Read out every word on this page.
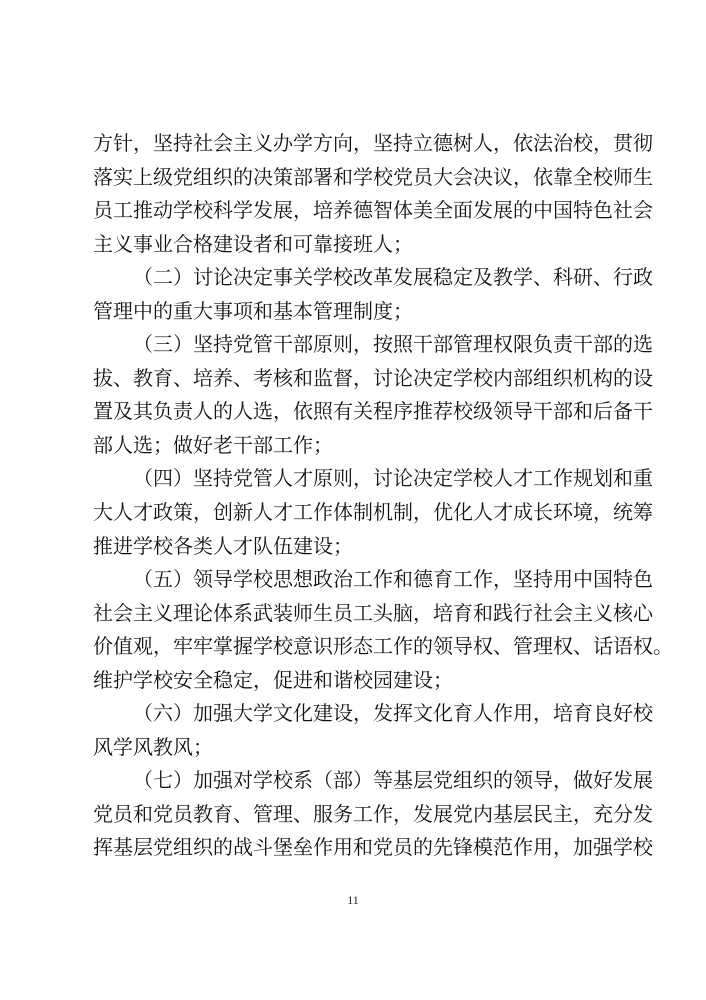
方针，坚持社会主义办学方向，坚持立德树人，依法治校，贯彻
落实上级党组织的决策部署和学校党员大会决议，依靠全校师生
员工推动学校科学发展，培养德智体美全面发展的中国特色社会
主义事业合格建设者和可靠接班人；
（二）讨论决定事关学校改革发展稳定及教学、科研、行政
管理中的重大事项和基本管理制度；
（三）坚持党管干部原则，按照干部管理权限负责干部的选
拔、教育、培养、考核和监督，讨论决定学校内部组织机构的设
置及其负责人的人选，依照有关程序推荐校级领导干部和后备干
部人选；做好老干部工作；
（四）坚持党管人才原则，讨论决定学校人才工作规划和重
大人才政策，创新人才工作体制机制，优化人才成长环境，统筹
推进学校各类人才队伍建设；
（五）领导学校思想政治工作和德育工作，坚持用中国特色
社会主义理论体系武装师生员工头脑，培育和践行社会主义核心
价值观，牢牢掌握学校意识形态工作的领导权、管理权、话语权。
维护学校安全稳定，促进和谐校园建设；
（六）加强大学文化建设，发挥文化育人作用，培育良好校
风学风教风；
（七）加强对学校系（部）等基层党组织的领导，做好发展
党员和党员教育、管理、服务工作，发展党内基层民主，充分发
挥基层党组织的战斗堡垒作用和党员的先锋模范作用，加强学校
11
